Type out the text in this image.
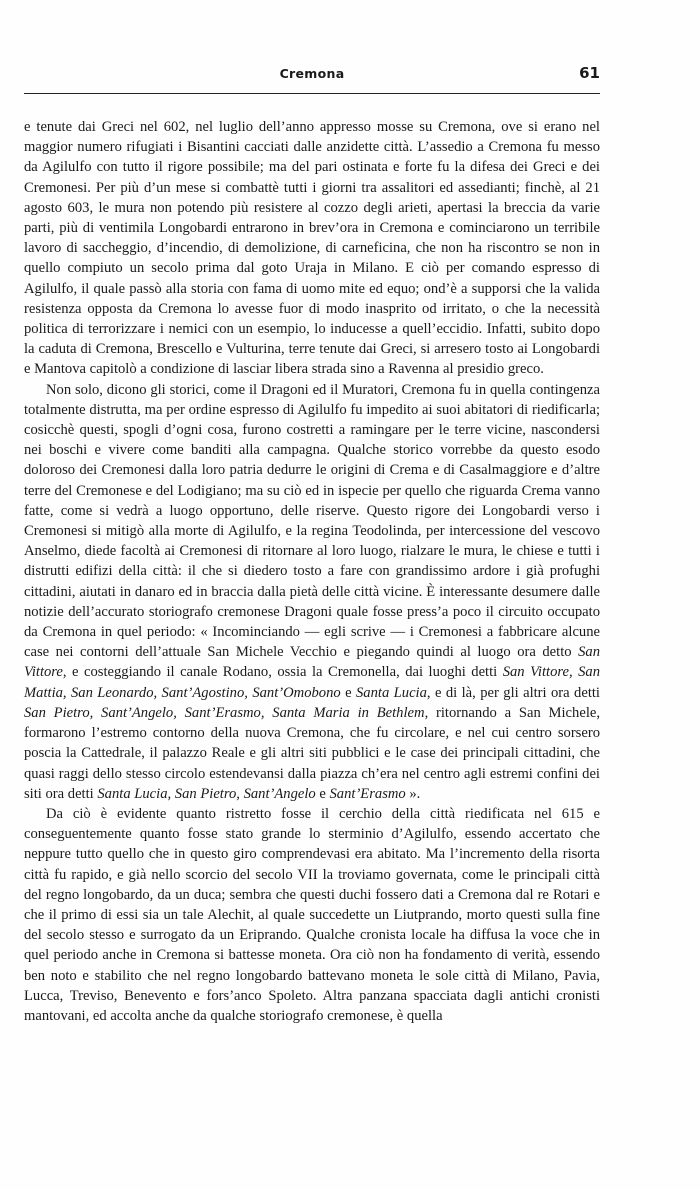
Cremona	61

e tenute dai Greci nel 602, nel luglio dell’anno appresso mosse su Cremona, ove si erano nel maggior numero rifugiati i Bisantini cacciati dalle anzidette città. L’assedio a Cremona fu messo da Agilulfo con tutto il rigore possibile; ma del pari ostinata e forte fu la difesa dei Greci e dei Cremonesi. Per più d’un mese si combattè tutti i giorni tra assalitori ed assedianti; finchè, al 21 agosto 603, le mura non potendo più resistere al cozzo degli arieti, apertasi la breccia da varie parti, più di ventimila Longobardi entrarono in brev’ora in Cremona e cominciarono un terribile lavoro di saccheggio, d’incendio, di demolizione, di carneficina, che non ha riscontro se non in quello compiuto un secolo prima dal goto Uraja in Milano. E ciò per comando espresso di Agilulfo, il quale passò alla storia con fama di uomo mite ed equo; ond’è a supporsi che la valida resistenza opposta da Cremona lo avesse fuor di modo inasprito od irritato, o che la necessità politica di terrorizzare i nemici con un esempio, lo inducesse a quell’eccidio. Infatti, subito dopo la caduta di Cremona, Brescello e Vulturina, terre tenute dai Greci, si arresero tosto ai Longobardi e Mantova capitolò a condizione di lasciar libera strada sino a Ravenna al presidio greco.

Non solo, dicono gli storici, come il Dragoni ed il Muratori, Cremona fu in quella contingenza totalmente distrutta, ma per ordine espresso di Agilulfo fu impedito ai suoi abitatori di riedificarla; cosicchè questi, spogli d’ogni cosa, furono costretti a ramingare per le terre vicine, nascondersi nei boschi e vivere come banditi alla campagna. Qualche storico vorrebbe da questo esodo doloroso dei Cremonesi dalla loro patria dedurre le origini di Crema e di Casalmaggiore e d’altre terre del Cremonese e del Lodigiano; ma su ciò ed in ispecie per quello che riguarda Crema vanno fatte, come si vedrà a luogo opportuno, delle riserve. Questo rigore dei Longobardi verso i Cremonesi si mitigò alla morte di Agilulfo, e la regina Teodolinda, per intercessione del vescovo Anselmo, diede facoltà ai Cremonesi di ritornare al loro luogo, rialzare le mura, le chiese e tutti i distrutti edifizi della città: il che si diedero tosto a fare con grandissimo ardore i già profughi cittadini, aiutati in danaro ed in braccia dalla pietà delle città vicine. È interessante desumere dalle notizie dell’accurato storiografo cremonese Dragoni quale fosse press’a poco il circuito occupato da Cremona in quel periodo: « Incominciando — egli scrive — i Cremonesi a fabbricare alcune case nei contorni dell’attuale San Michele Vecchio e piegando quindi al luogo ora detto San Vittore, e costeggiando il canale Rodano, ossia la Cremonella, dai luoghi detti San Vittore, San Mattia, San Leonardo, Sant’Agostino, Sant’Omobono e Santa Lucia, e di là, per gli altri ora detti San Pietro, Sant’Angelo, Sant’Erasmo, Santa Maria in Bethlem, ritornando a San Michele, formarono l’estremo contorno della nuova Cremona, che fu circolare, e nel cui centro sorsero poscia la Cattedrale, il palazzo Reale e gli altri siti pubblici e le case dei principali cittadini, che quasi raggi dello stesso circolo estendevansi dalla piazza ch’era nel centro agli estremi confini dei siti ora detti Santa Lucia, San Pietro, Sant’Angelo e Sant’Erasmo ».

Da ciò è evidente quanto ristretto fosse il cerchio della città riedificata nel 615 e conseguentemente quanto fosse stato grande lo sterminio d’Agilulfo, essendo accertato che neppure tutto quello che in questo giro comprendevasi era abitato. Ma l’incremento della risorta città fu rapido, e già nello scorcio del secolo VII la troviamo governata, come le principali città del regno longobardo, da un duca; sembra che questi duchi fossero dati a Cremona dal re Rotari e che il primo di essi sia un tale Alechit, al quale succedette un Liutprando, morto questi sulla fine del secolo stesso e surrogato da un Eriprando. Qualche cronista locale ha diffusa la voce che in quel periodo anche in Cremona si battesse moneta. Ora ciò non ha fondamento di verità, essendo ben noto e stabilito che nel regno longobardo battevano moneta le sole città di Milano, Pavia, Lucca, Treviso, Benevento e fors’anco Spoleto. Altra panzana spacciata dagli antichi cronisti mantovani, ed accolta anche da qualche storiografo cremonese, è quella
